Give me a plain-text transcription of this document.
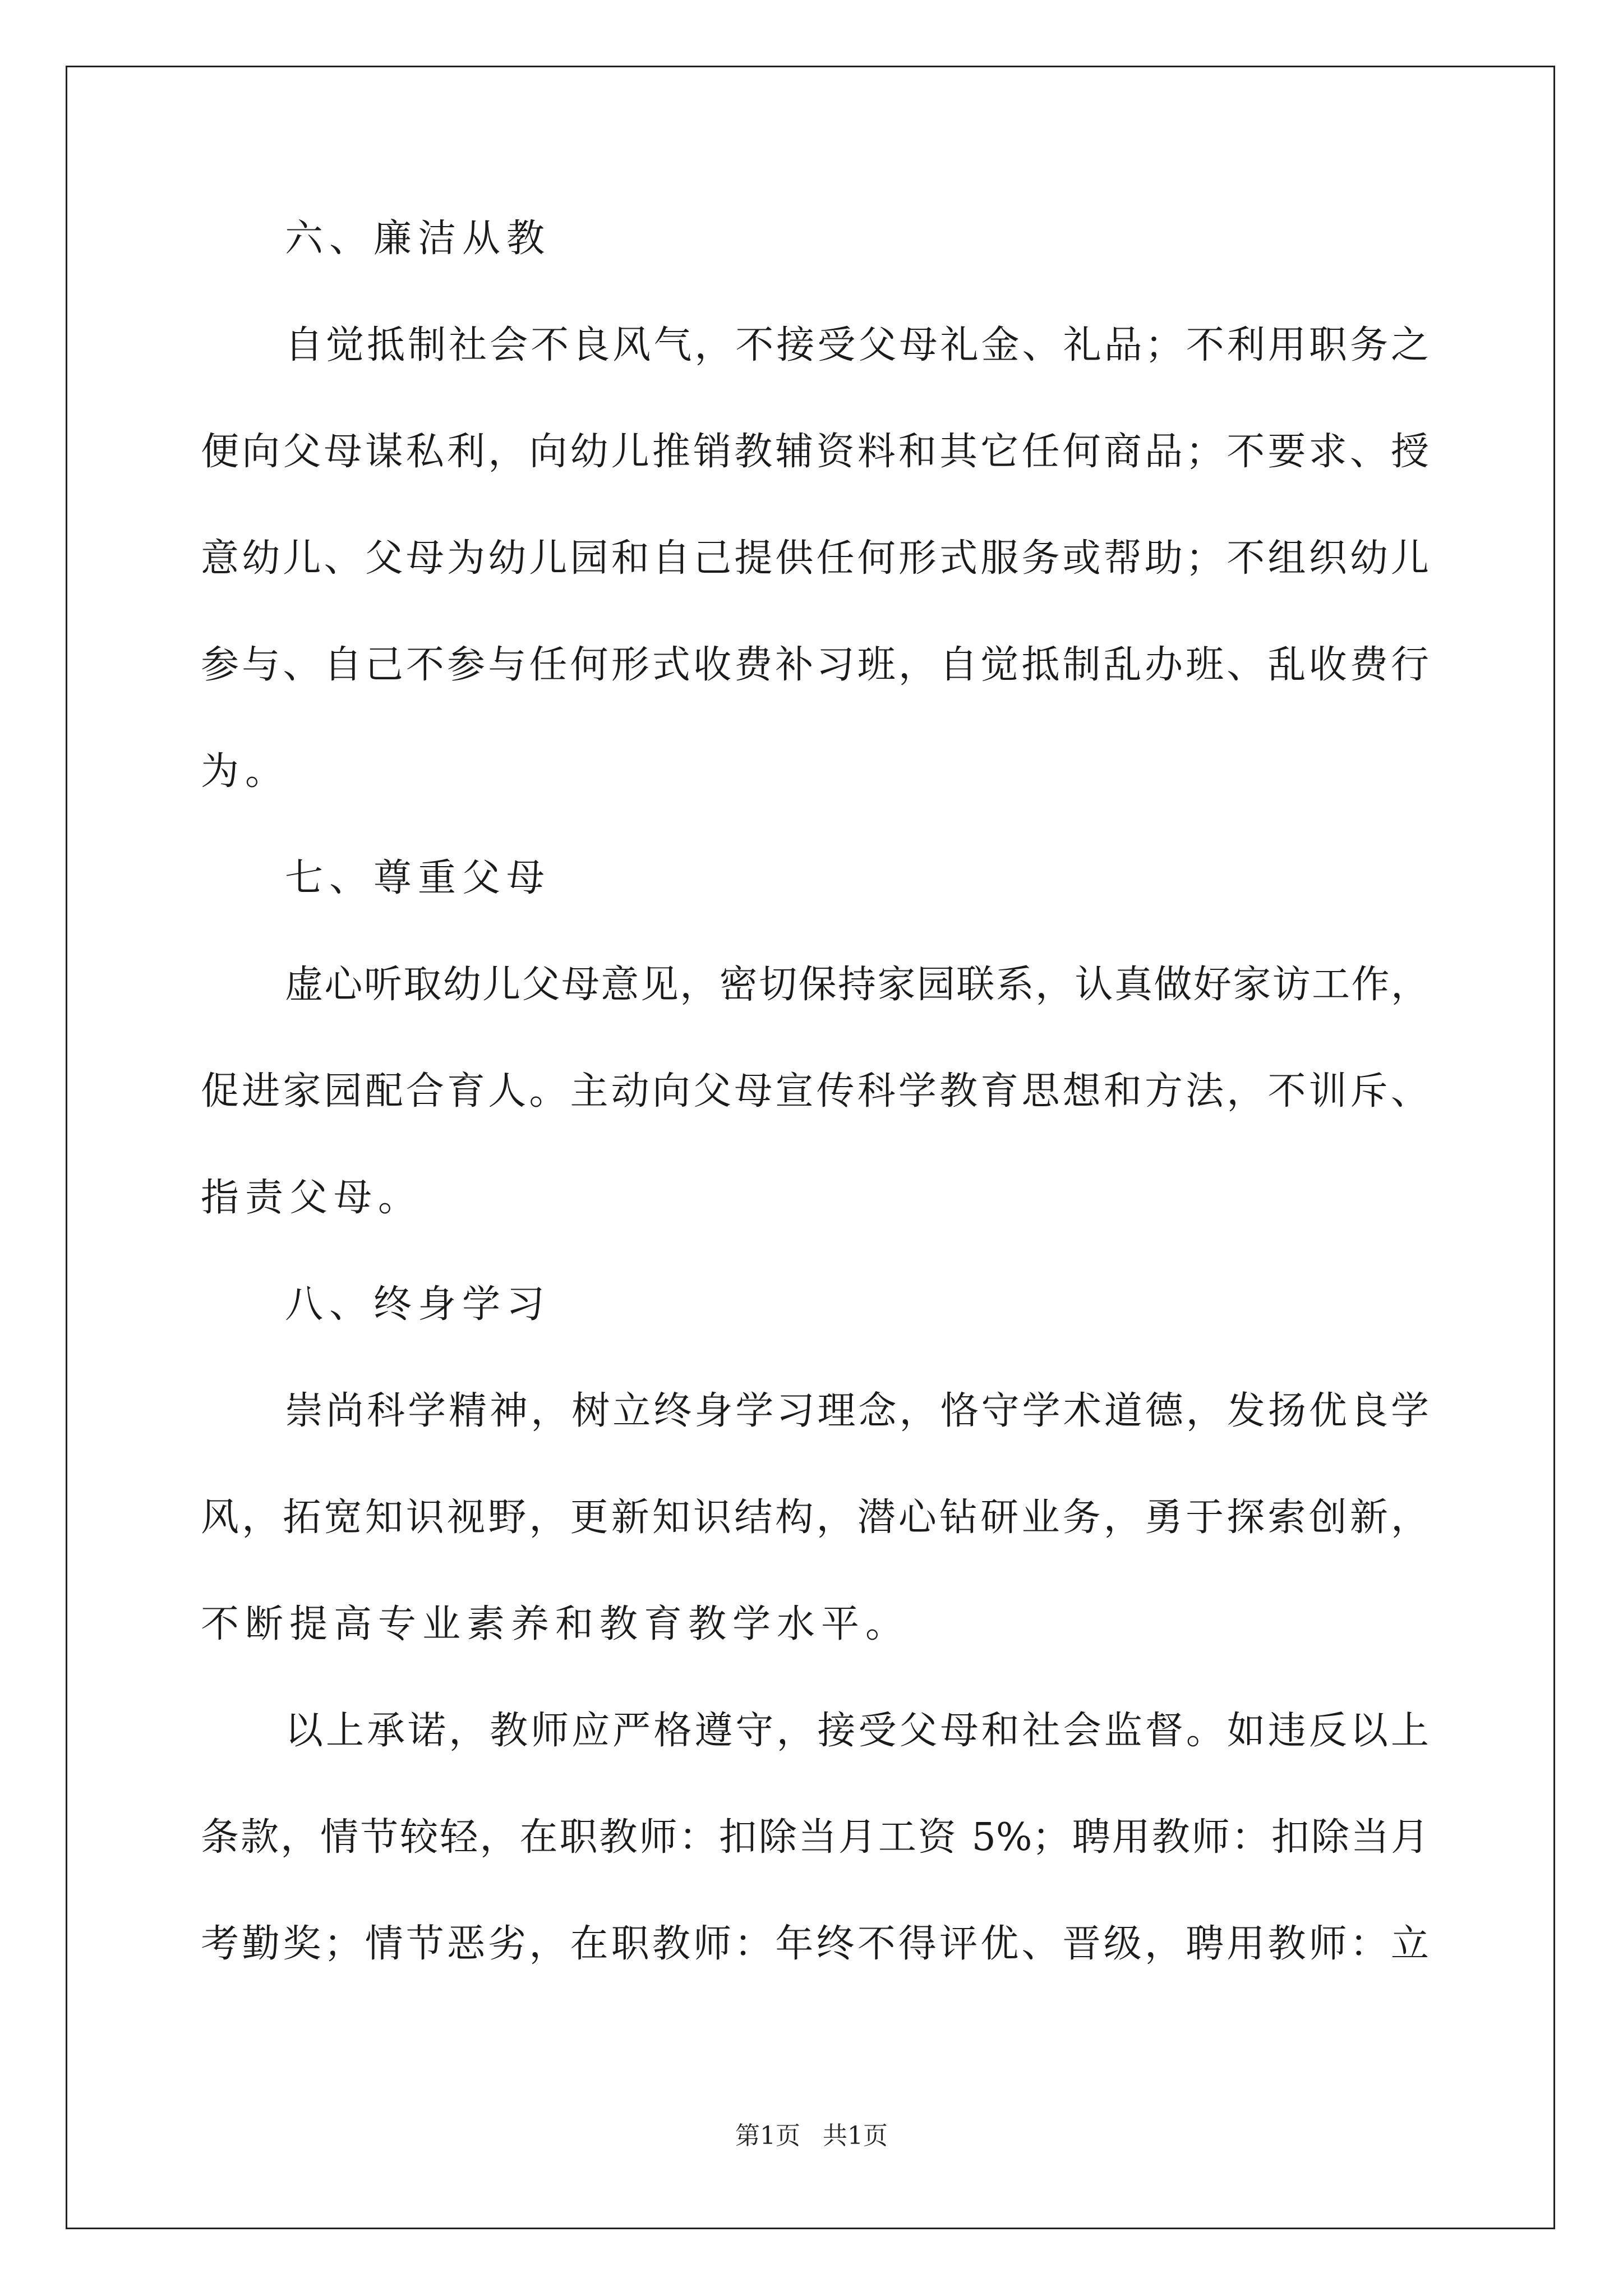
六、廉洁从教
自觉抵制社会不良风气，不接受父母礼金、礼品；不利用职务之
便向父母谋私利，向幼儿推销教辅资料和其它任何商品；不要求、授
意幼儿、父母为幼儿园和自己提供任何形式服务或帮助；不组织幼儿
参与、自己不参与任何形式收费补习班，自觉抵制乱办班、乱收费行
为。
七、尊重父母
虚心听取幼儿父母意见，密切保持家园联系，认真做好家访工作，
促进家园配合育人。主动向父母宣传科学教育思想和方法，不训斥、
指责父母。
八、终身学习
崇尚科学精神，树立终身学习理念，恪守学术道德，发扬优良学
风，拓宽知识视野，更新知识结构，潜心钻研业务，勇于探索创新，
不断提高专业素养和教育教学水平。
以上承诺，教师应严格遵守，接受父母和社会监督。如违反以上
条款，情节较轻，在职教师：扣除当月工资 5%；聘用教师：扣除当月
考勤奖；情节恶劣，在职教师：年终不得评优、晋级，聘用教师：立
第1页 共1页
